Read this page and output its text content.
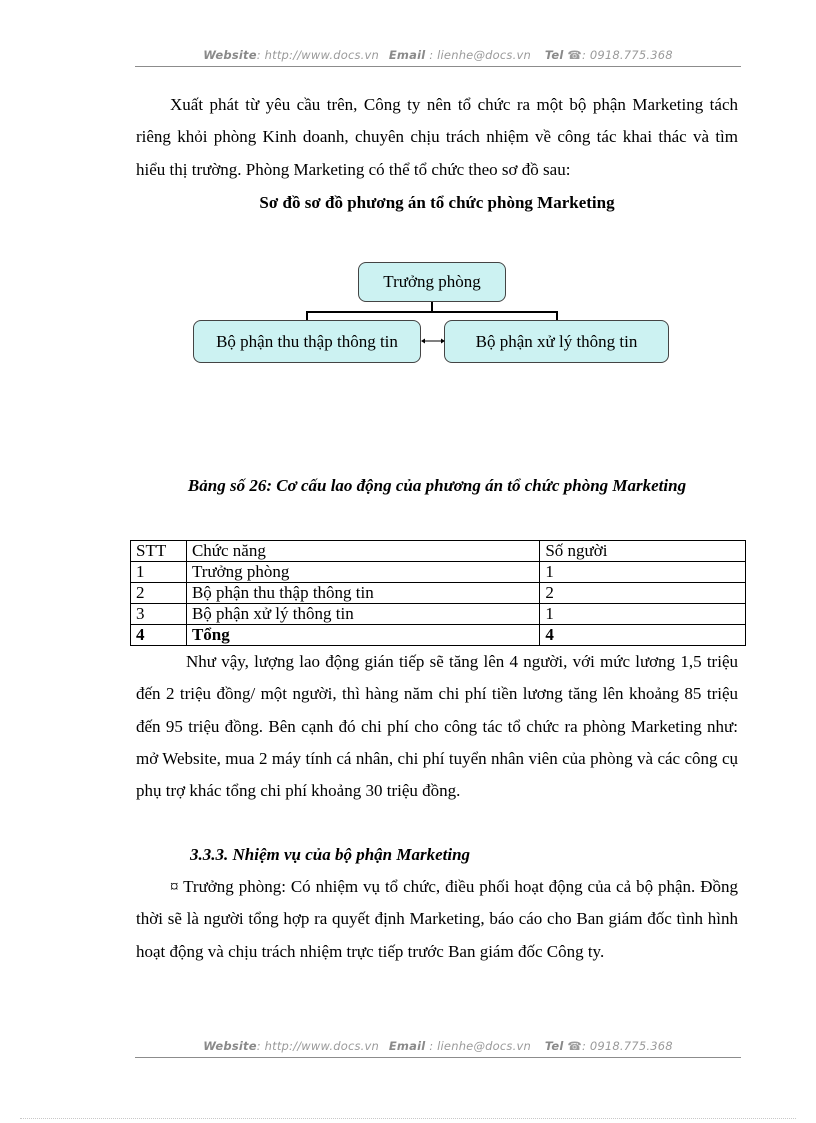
Website: http://www.docs.vn Email : lienhe@docs.vn Tel ☎: 0918.775.368
Xuất phát từ yêu cầu trên, Công ty nên tổ chức ra một bộ phận Marketing tách riêng khỏi phòng Kinh doanh, chuyên chịu trách nhiệm về công tác khai thác và tìm hiểu thị trường. Phòng Marketing có thể tổ chức theo sơ đồ sau:
Sơ đồ sơ đồ phương án tổ chức phòng Marketing
Trưởng phòng
Bộ phận thu thập thông tin	Bộ phận xử lý thông tin
Bảng số 26: Cơ cấu lao động của phương án tổ chức phòng Marketing
STT	Chức năng	Số người
1	Trưởng phòng	1
2	Bộ phận thu thập thông tin	2
3	Bộ phận xử lý thông tin	1
4	Tổng	4
Như vậy, lượng lao động gián tiếp sẽ tăng lên 4 người, với mức lương 1,5 triệu đến 2 triệu đồng/ một người, thì hàng năm chi phí tiền lương tăng lên khoảng 85 triệu đến 95 triệu đồng. Bên cạnh đó chi phí cho công tác tổ chức ra phòng Marketing như: mở Website, mua 2 máy tính cá nhân, chi phí tuyển nhân viên của phòng và các công cụ phụ trợ khác tổng chi phí khoảng 30 triệu đồng.
3.3.3. Nhiệm vụ của bộ phận Marketing
¤ Trưởng phòng: Có nhiệm vụ tổ chức, điều phối hoạt động của cả bộ phận. Đồng thời sẽ là người tổng hợp ra quyết định Marketing, báo cáo cho Ban giám đốc tình hình hoạt động và chịu trách nhiệm trực tiếp trước Ban giám đốc Công ty.
Website: http://www.docs.vn Email : lienhe@docs.vn Tel ☎: 0918.775.368
